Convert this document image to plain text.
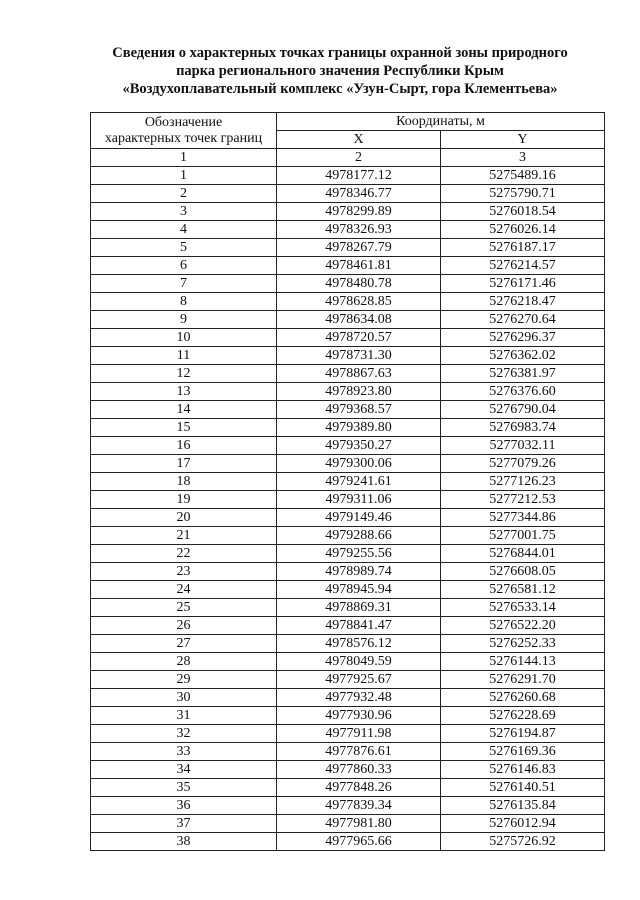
Сведения о характерных точках границы охранной зоны природного
парка регионального значения Республики Крым
«Воздухоплавательный комплекс «Узун-Сырт, гора Клементьева»
Обозначение
характерных точек границ	Координаты, м	
	X	Y
1	2	3
1	4978177.12	5275489.16
2	4978346.77	5275790.71
3	4978299.89	5276018.54
4	4978326.93	5276026.14
5	4978267.79	5276187.17
6	4978461.81	5276214.57
7	4978480.78	5276171.46
8	4978628.85	5276218.47
9	4978634.08	5276270.64
10	4978720.57	5276296.37
11	4978731.30	5276362.02
12	4978867.63	5276381.97
13	4978923.80	5276376.60
14	4979368.57	5276790.04
15	4979389.80	5276983.74
16	4979350.27	5277032.11
17	4979300.06	5277079.26
18	4979241.61	5277126.23
19	4979311.06	5277212.53
20	4979149.46	5277344.86
21	4979288.66	5277001.75
22	4979255.56	5276844.01
23	4978989.74	5276608.05
24	4978945.94	5276581.12
25	4978869.31	5276533.14
26	4978841.47	5276522.20
27	4978576.12	5276252.33
28	4978049.59	5276144.13
29	4977925.67	5276291.70
30	4977932.48	5276260.68
31	4977930.96	5276228.69
32	4977911.98	5276194.87
33	4977876.61	5276169.36
34	4977860.33	5276146.83
35	4977848.26	5276140.51
36	4977839.34	5276135.84
37	4977981.80	5276012.94
38	4977965.66	5275726.92
